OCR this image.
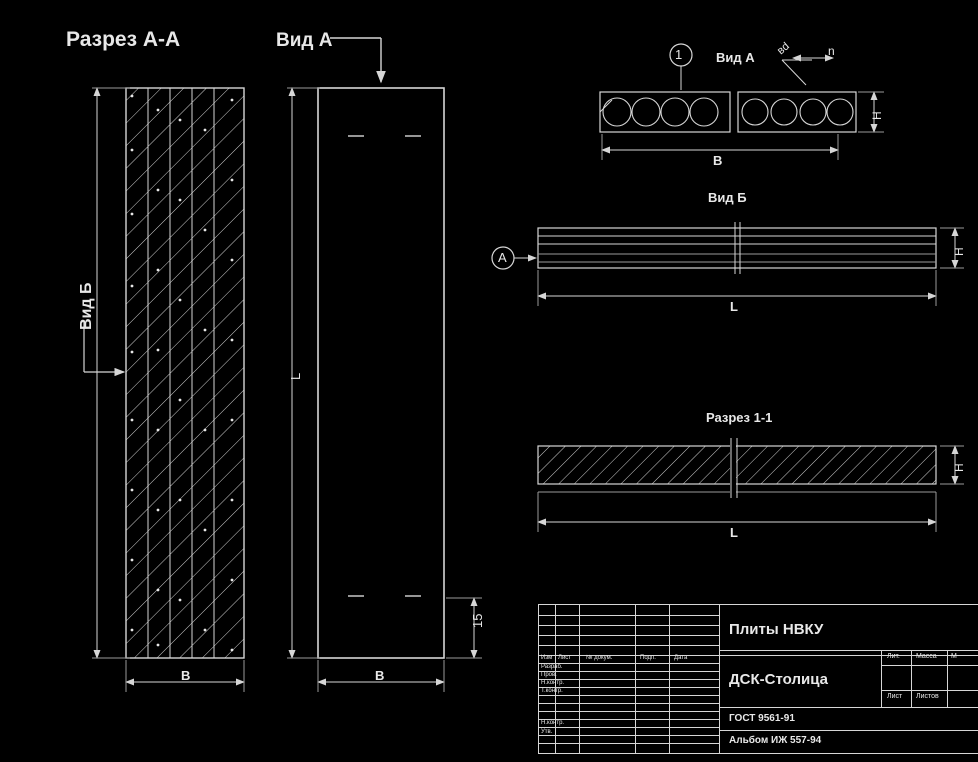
Разрез А-А	Вид А
Вид Б
B	B
L
15
Вид А
1	вd	n
H
B
Вид Б
А	H
L
Разрез 1-1
H
L
Изм Лист № докум.	Подп.	Дата
Разраб.
Пров.
Н.контр.
Т.контр.
Н.контр.
Утв.
Плиты НВКУ
ДСК-Столица
ГОСТ 9561-91
Альбом ИЖ 557-94
Лит. Масса М
Лист Листов
